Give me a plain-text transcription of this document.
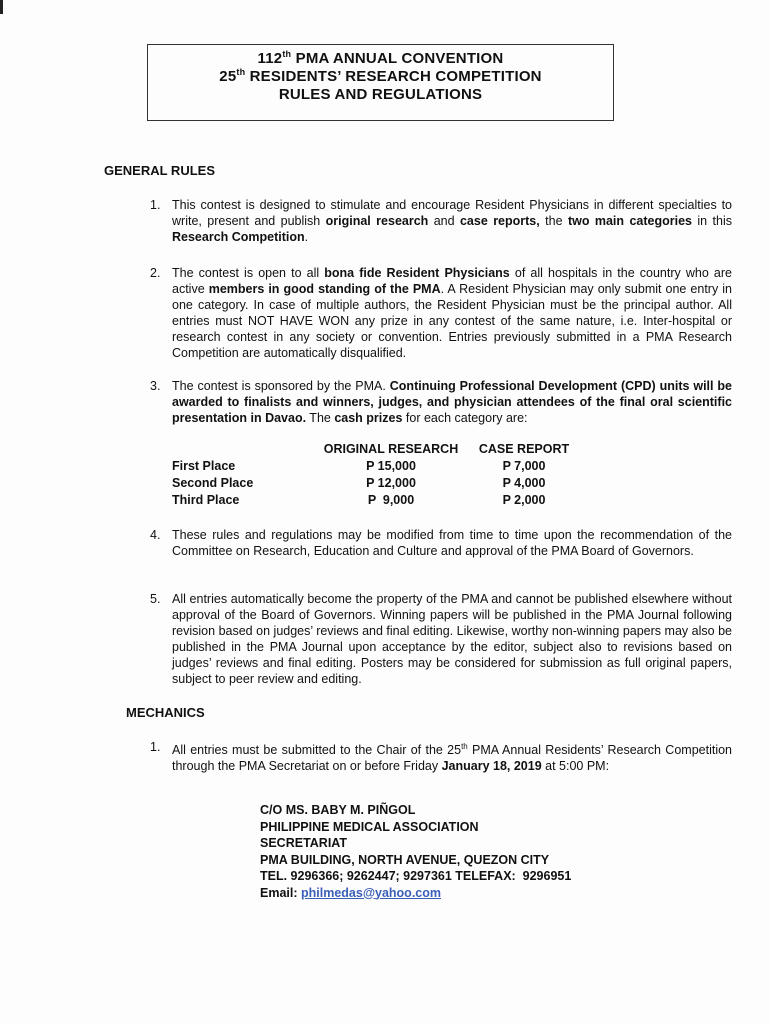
112th PMA ANNUAL CONVENTION
25th RESIDENTS’ RESEARCH COMPETITION
RULES AND REGULATIONS
GENERAL RULES
1. This contest is designed to stimulate and encourage Resident Physicians in different specialties to write, present and publish original research and case reports, the two main categories in this Research Competition.
2. The contest is open to all bona fide Resident Physicians of all hospitals in the country who are active members in good standing of the PMA. A Resident Physician may only submit one entry in one category. In case of multiple authors, the Resident Physician must be the principal author. All entries must NOT HAVE WON any prize in any contest of the same nature, i.e. Inter-hospital or research contest in any society or convention. Entries previously submitted in a PMA Research Competition are automatically disqualified.
3. The contest is sponsored by the PMA. Continuing Professional Development (CPD) units will be awarded to finalists and winners, judges, and physician attendees of the final oral scientific presentation in Davao. The cash prizes for each category are:
	ORIGINAL RESEARCH	CASE REPORT
First Place	P 15,000	P 7,000
Second Place	P 12,000	P 4,000
Third Place	P  9,000	P 2,000
4. These rules and regulations may be modified from time to time upon the recommendation of the Committee on Research, Education and Culture and approval of the PMA Board of Governors.
5. All entries automatically become the property of the PMA and cannot be published elsewhere without approval of the Board of Governors. Winning papers will be published in the PMA Journal following revision based on judges’ reviews and final editing. Likewise, worthy non-winning papers may also be published in the PMA Journal upon acceptance by the editor, subject also to revisions based on judges’ reviews and final editing. Posters may be considered for submission as full original papers, subject to peer review and editing.
MECHANICS
1. All entries must be submitted to the Chair of the 25th PMA Annual Residents’ Research Competition through the PMA Secretariat on or before Friday January 18, 2019 at 5:00 PM:
C/O MS. BABY M. PIÑGOL
PHILIPPINE MEDICAL ASSOCIATION
SECRETARIAT
PMA BUILDING, NORTH AVENUE, QUEZON CITY
TEL. 9296366; 9262447; 9297361 TELEFAX:  9296951
Email: philmedas@yahoo.com
